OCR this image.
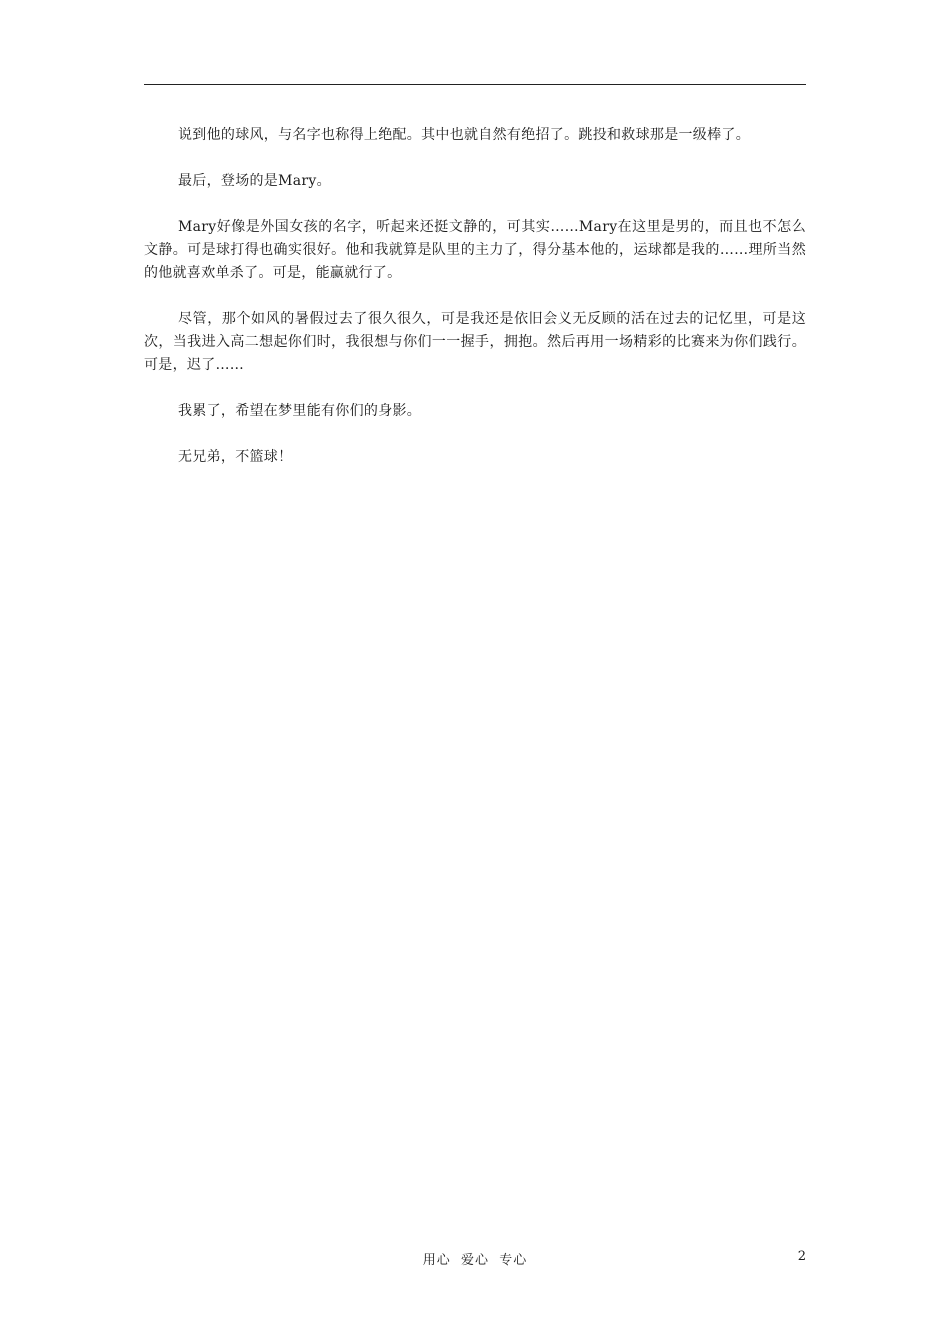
说到他的球风，与名字也称得上绝配。其中也就自然有绝招了。跳投和救球那是一级棒了。

最后，登场的是Mary。

Mary好像是外国女孩的名字，听起来还挺文静的，可其实……Mary在这里是男的，而且也不怎么文静。可是球打得也确实很好。他和我就算是队里的主力了，得分基本他的，运球都是我的……理所当然的他就喜欢单杀了。可是，能赢就行了。

尽管，那个如风的暑假过去了很久很久，可是我还是依旧会义无反顾的活在过去的记忆里，可是这次，当我进入高二想起你们时，我很想与你们一一握手，拥抱。然后再用一场精彩的比赛来为你们践行。可是，迟了……

我累了，希望在梦里能有你们的身影。

无兄弟，不篮球！

用心  爱心  专心	2
